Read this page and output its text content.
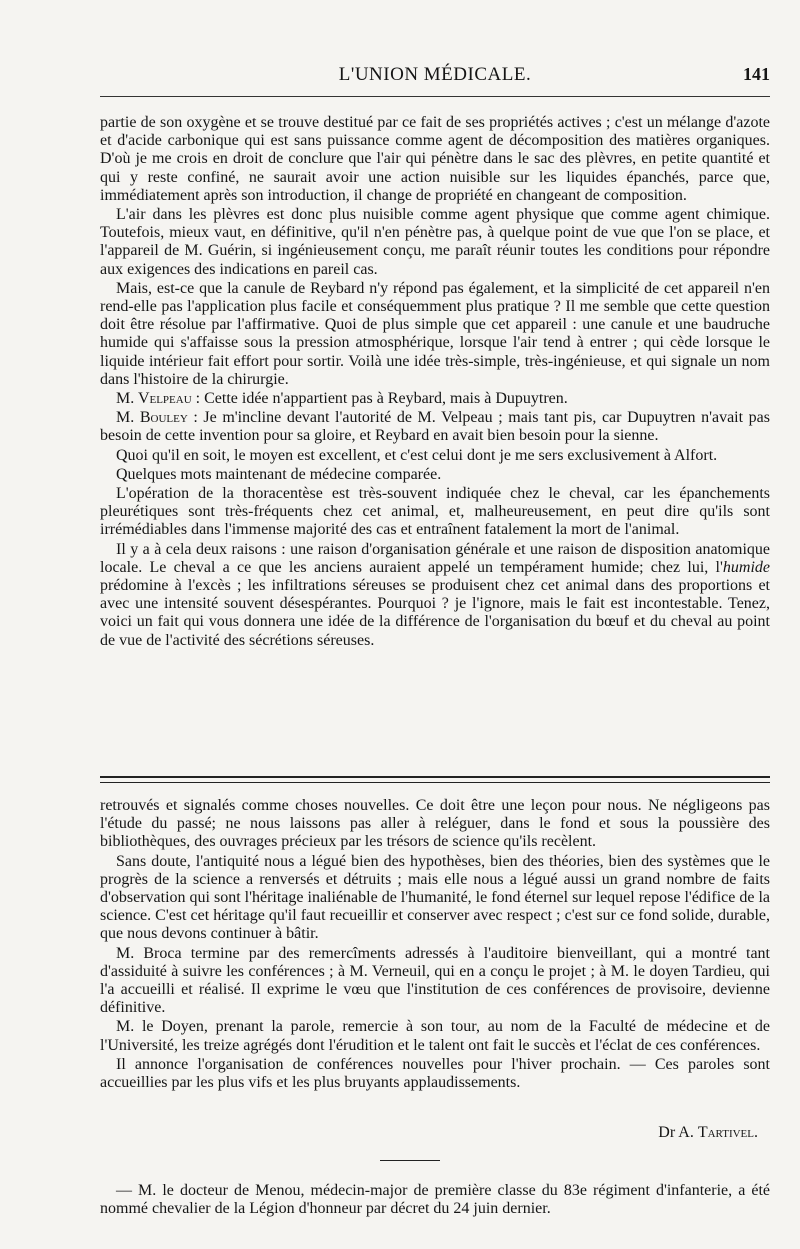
L'UNION MÉDICALE.	141

partie de son oxygène et se trouve destitué par ce fait de ses propriétés actives ; c'est un mélange d'azote et d'acide carbonique qui est sans puissance comme agent de décomposition des matières organiques. D'où je me crois en droit de conclure que l'air qui pénètre dans le sac des plèvres, en petite quantité et qui y reste confiné, ne saurait avoir une action nuisible sur les liquides épanchés, parce que, immédiatement après son introduction, il change de propriété en changeant de composition.

L'air dans les plèvres est donc plus nuisible comme agent physique que comme agent chimique. Toutefois, mieux vaut, en définitive, qu'il n'en pénètre pas, à quelque point de vue que l'on se place, et l'appareil de M. Guérin, si ingénieusement conçu, me paraît réunir toutes les conditions pour répondre aux exigences des indications en pareil cas.

Mais, est-ce que la canule de Reybard n'y répond pas également, et la simplicité de cet appareil n'en rend-elle pas l'application plus facile et conséquemment plus pratique ? Il me semble que cette question doit être résolue par l'affirmative. Quoi de plus simple que cet appareil : une canule et une baudruche humide qui s'affaisse sous la pression atmosphérique, lorsque l'air tend à entrer ; qui cède lorsque le liquide intérieur fait effort pour sortir. Voilà une idée très-simple, très-ingénieuse, et qui signale un nom dans l'histoire de la chirurgie.

M. Velpeau : Cette idée n'appartient pas à Reybard, mais à Dupuytren.

M. Bouley : Je m'incline devant l'autorité de M. Velpeau ; mais tant pis, car Dupuytren n'avait pas besoin de cette invention pour sa gloire, et Reybard en avait bien besoin pour la sienne.

Quoi qu'il en soit, le moyen est excellent, et c'est celui dont je me sers exclusivement à Alfort.

Quelques mots maintenant de médecine comparée.

L'opération de la thoracentèse est très-souvent indiquée chez le cheval, car les épanchements pleurétiques sont très-fréquents chez cet animal, et, malheureusement, en peut dire qu'ils sont irrémédiables dans l'immense majorité des cas et entraînent fatalement la mort de l'animal.

Il y a à cela deux raisons : une raison d'organisation générale et une raison de disposition anatomique locale. Le cheval a ce que les anciens auraient appelé un tempérament humide; chez lui, l'humide prédomine à l'excès ; les infiltrations séreuses se produisent chez cet animal dans des proportions et avec une intensité souvent désespérantes. Pourquoi ? je l'ignore, mais le fait est incontestable. Tenez, voici un fait qui vous donnera une idée de la différence de l'organisation du bœuf et du cheval au point de vue de l'activité des sécrétions séreuses.

retrouvés et signalés comme choses nouvelles. Ce doit être une leçon pour nous. Ne négligeons pas l'étude du passé; ne nous laissons pas aller à reléguer, dans le fond et sous la poussière des bibliothèques, des ouvrages précieux par les trésors de science qu'ils recèlent.

Sans doute, l'antiquité nous a légué bien des hypothèses, bien des théories, bien des systèmes que le progrès de la science a renversés et détruits ; mais elle nous a légué aussi un grand nombre de faits d'observation qui sont l'héritage inaliénable de l'humanité, le fond éternel sur lequel repose l'édifice de la science. C'est cet héritage qu'il faut recueillir et conserver avec respect ; c'est sur ce fond solide, durable, que nous devons continuer à bâtir.

M. Broca termine par des remercîments adressés à l'auditoire bienveillant, qui a montré tant d'assiduité à suivre les conférences ; à M. Verneuil, qui en a conçu le projet ; à M. le doyen Tardieu, qui l'a accueilli et réalisé. Il exprime le vœu que l'institution de ces conférences de provisoire, devienne définitive.

M. le Doyen, prenant la parole, remercie à son tour, au nom de la Faculté de médecine et de l'Université, les treize agrégés dont l'érudition et le talent ont fait le succès et l'éclat de ces conférences.

Il annonce l'organisation de conférences nouvelles pour l'hiver prochain. — Ces paroles sont accueillies par les plus vifs et les plus bruyants applaudissements.

Dr A. Tartivel.

— M. le docteur de Menou, médecin-major de première classe du 83e régiment d'infanterie, a été nommé chevalier de la Légion d'honneur par décret du 24 juin dernier.
